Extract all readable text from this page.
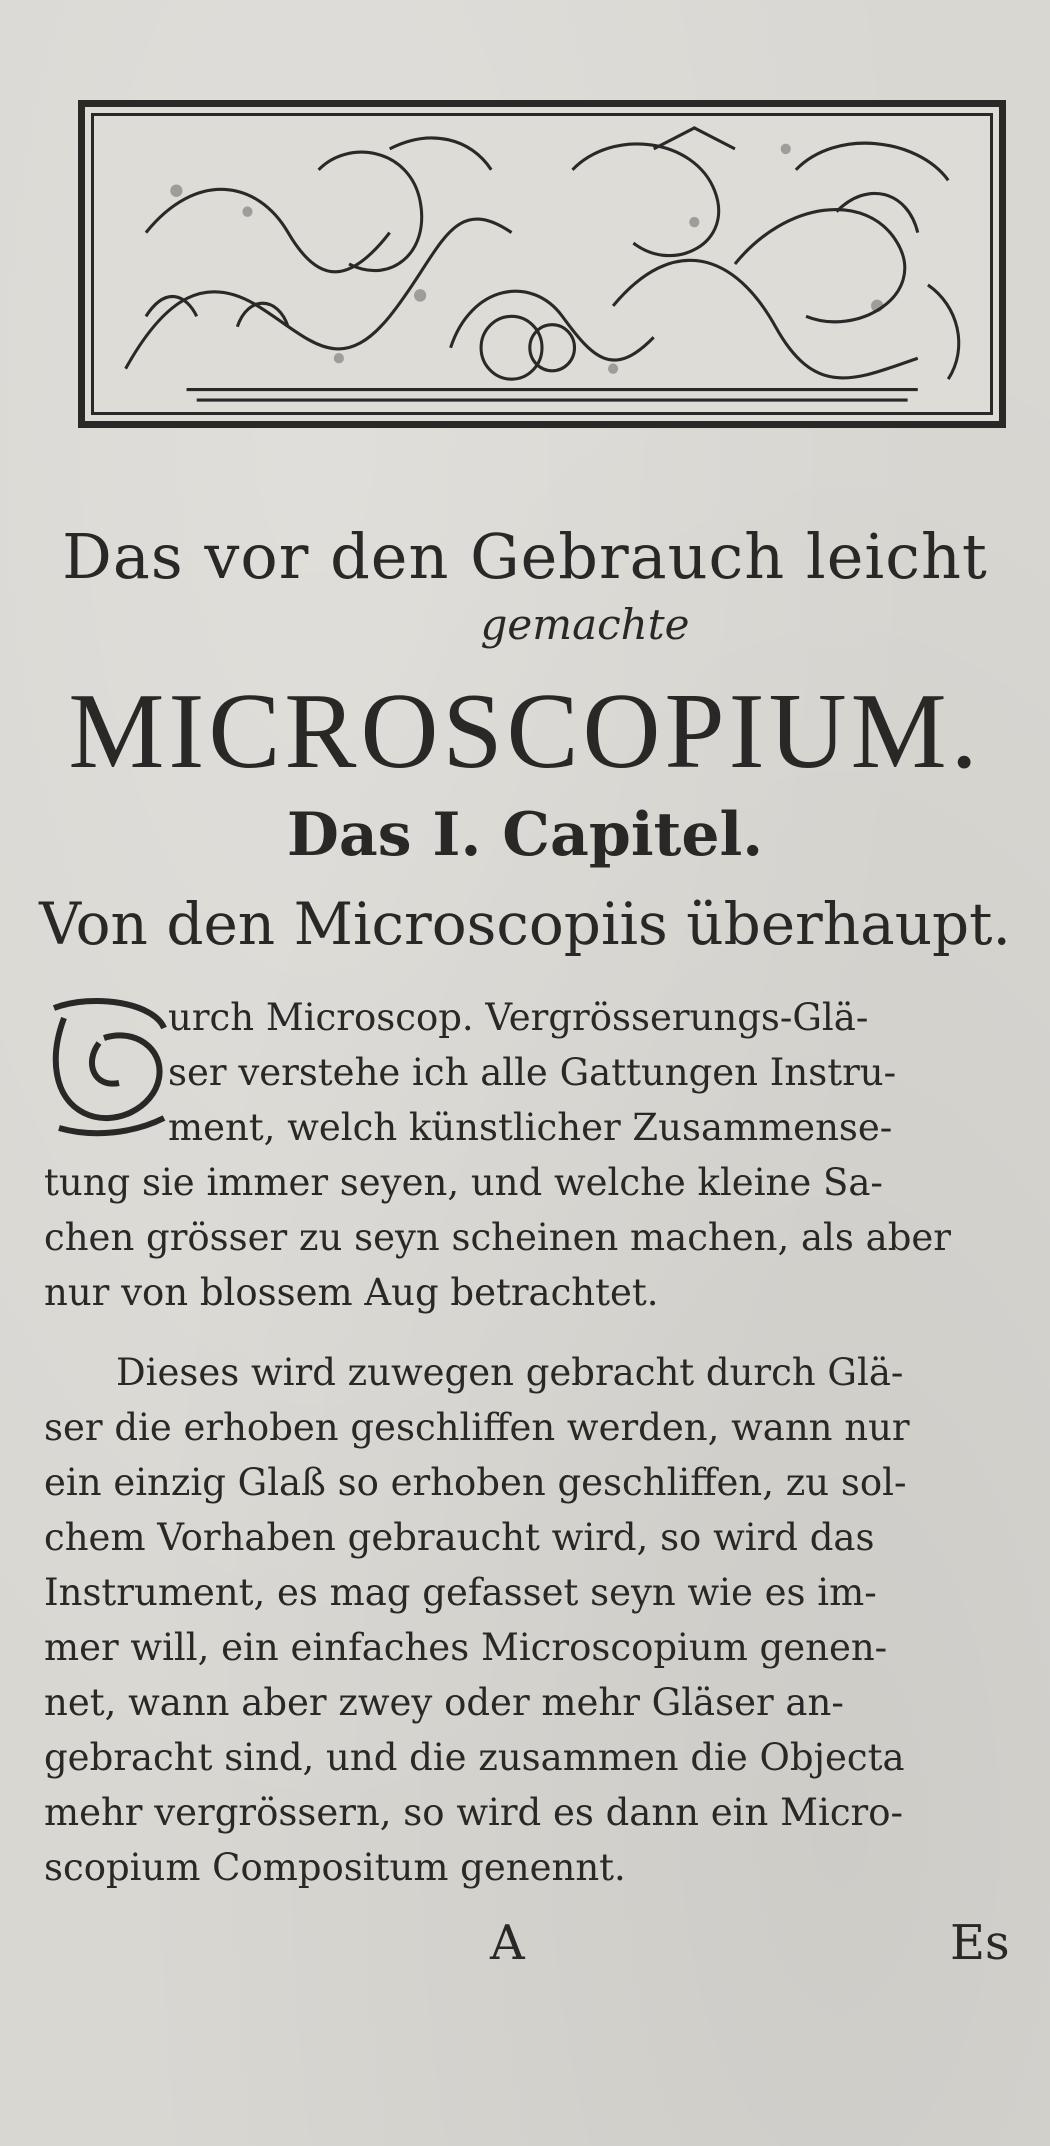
Das vor den Gebrauch leicht
gemachte
MICROSCOPIUM.
Das I. Capitel.
Von den Microscopiis überhaupt.
urch Microscop. Vergrösserungs-Glä-
ser verstehe ich alle Gattungen Instru-
ment, welch künstlicher Zusammense-
tung sie immer seyen, und welche kleine Sa-
chen grösser zu seyn scheinen machen, als aber
nur von blossem Aug betrachtet.
Dieses wird zuwegen gebracht durch Glä-
ser die erhoben geschliffen werden, wann nur
ein einzig Glaß so erhoben geschliffen, zu sol-
chem Vorhaben gebraucht wird, so wird das
Instrument, es mag gefasset seyn wie es im-
mer will, ein einfaches Microscopium genen-
net, wann aber zwey oder mehr Gläser an-
gebracht sind, und die zusammen die Objecta
mehr vergrössern, so wird es dann ein Micro-
scopium Compositum genennt.
A	Es
